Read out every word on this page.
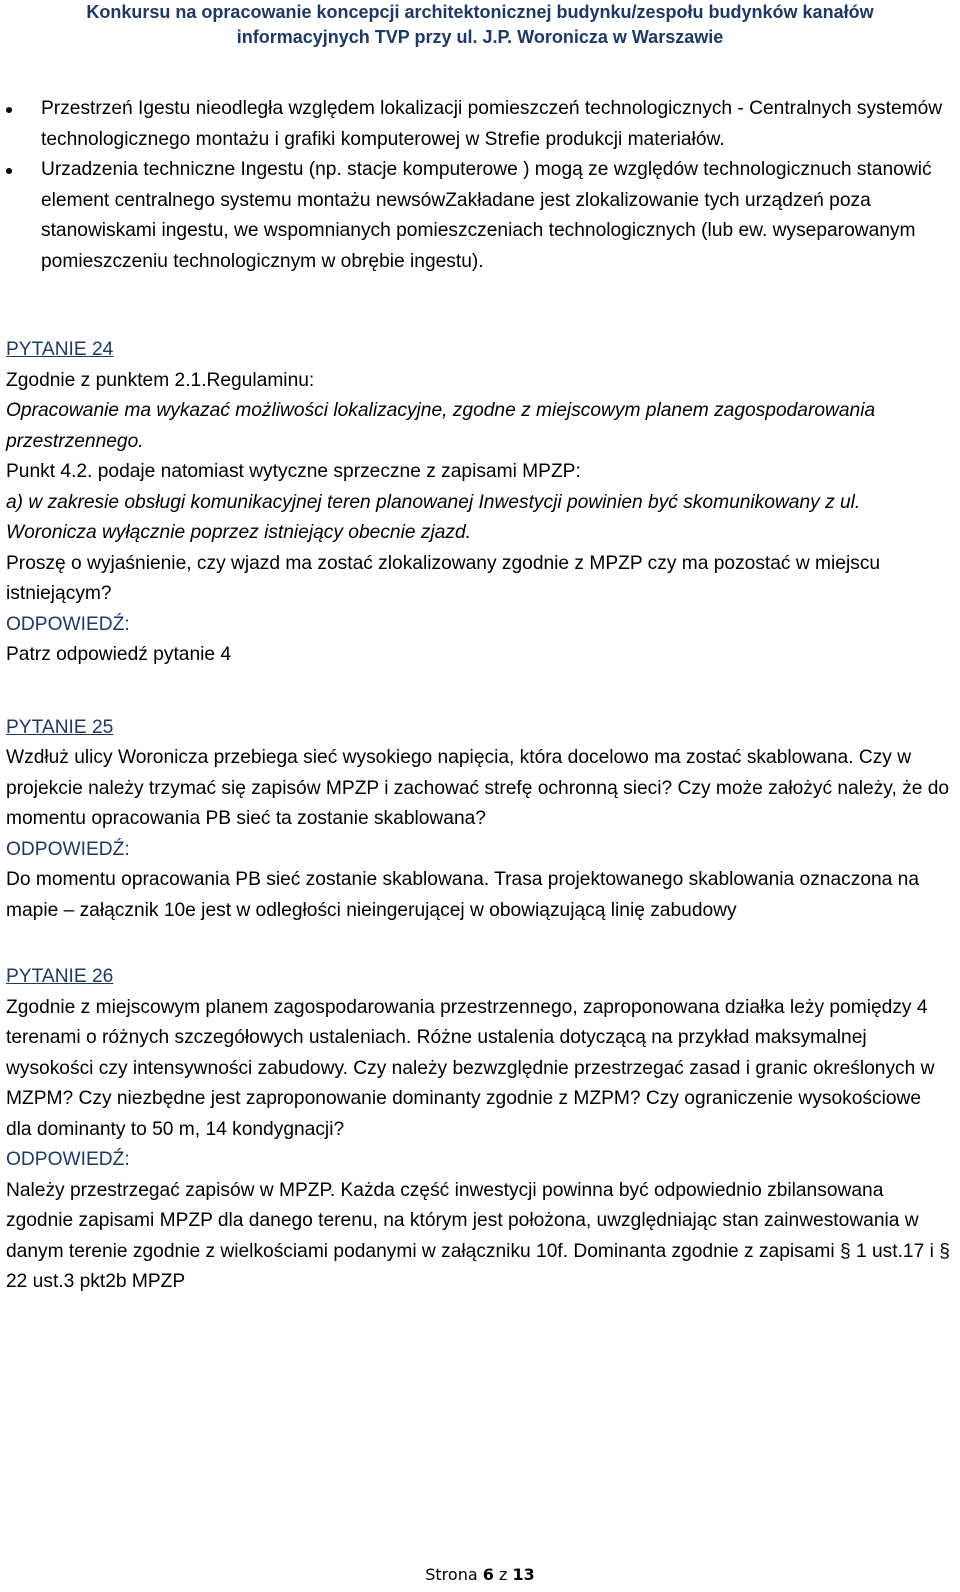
Konkursu na opracowanie koncepcji architektonicznej budynku/zespołu budynków kanałów
informacyjnych TVP przy ul. J.P. Woronicza w Warszawie
Przestrzeń Igestu nieodległa względem lokalizacji pomieszczeń technologicznych - Centralnych systemów technologicznego montażu i grafiki komputerowej w Strefie produkcji materiałów.
Urzadzenia techniczne Ingestu (np. stacje komputerowe ) mogą ze względów technologicznuch stanowić element centralnego systemu montażu newsówZakładane jest zlokalizowanie tych urządzeń poza stanowiskami ingestu, we wspomnianych pomieszczeniach technologicznych (lub ew. wyseparowanym pomieszczeniu technologicznym w obrębie ingestu).

PYTANIE 24

Zgodnie z punktem 2.1.Regulaminu:

Opracowanie ma wykazać możliwości lokalizacyjne, zgodne z miejscowym planem zagospodarowania przestrzennego.

Punkt 4.2. podaje natomiast wytyczne sprzeczne z zapisami MPZP:

a) w zakresie obsługi komunikacyjnej teren planowanej Inwestycji powinien być skomunikowany z ul. Woronicza wyłącznie poprzez istniejący obecnie zjazd.

Proszę o wyjaśnienie, czy wjazd ma zostać zlokalizowany zgodnie z MPZP czy ma pozostać w miejscu istniejącym?

ODPOWIEDŹ:

Patrz odpowiedź pytanie 4

PYTANIE 25

Wzdłuż ulicy Woronicza przebiega sieć wysokiego napięcia, która docelowo ma zostać skablowana. Czy w projekcie należy trzymać się zapisów MPZP i zachować strefę ochronną sieci? Czy może założyć należy, że do momentu opracowania PB sieć ta zostanie skablowana?

ODPOWIEDŹ:

Do momentu opracowania PB sieć zostanie skablowana. Trasa projektowanego skablowania oznaczona na mapie – załącznik 10e jest w odległości nieingerującej w obowiązującą linię zabudowy

PYTANIE 26

Zgodnie z miejscowym planem zagospodarowania przestrzennego, zaproponowana działka leży pomiędzy 4 terenami o różnych szczegółowych ustaleniach. Różne ustalenia dotyczącą na przykład maksymalnej wysokości czy intensywności zabudowy. Czy należy bezwzględnie przestrzegać zasad i granic określonych w MZPM? Czy niezbędne jest zaproponowanie dominanty zgodnie z MZPM? Czy ograniczenie wysokościowe dla dominanty to 50 m, 14 kondygnacji?

ODPOWIEDŹ:

Należy przestrzegać zapisów w MPZP. Każda część inwestycji powinna być odpowiednio zbilansowana zgodnie zapisami MPZP dla danego terenu, na którym jest położona, uwzględniając stan zainwestowania w danym terenie zgodnie z wielkościami podanymi w załączniku 10f. Dominanta zgodnie z zapisami § 1 ust.17 i § 22 ust.3 pkt2b MPZP

Strona 6 z 13
